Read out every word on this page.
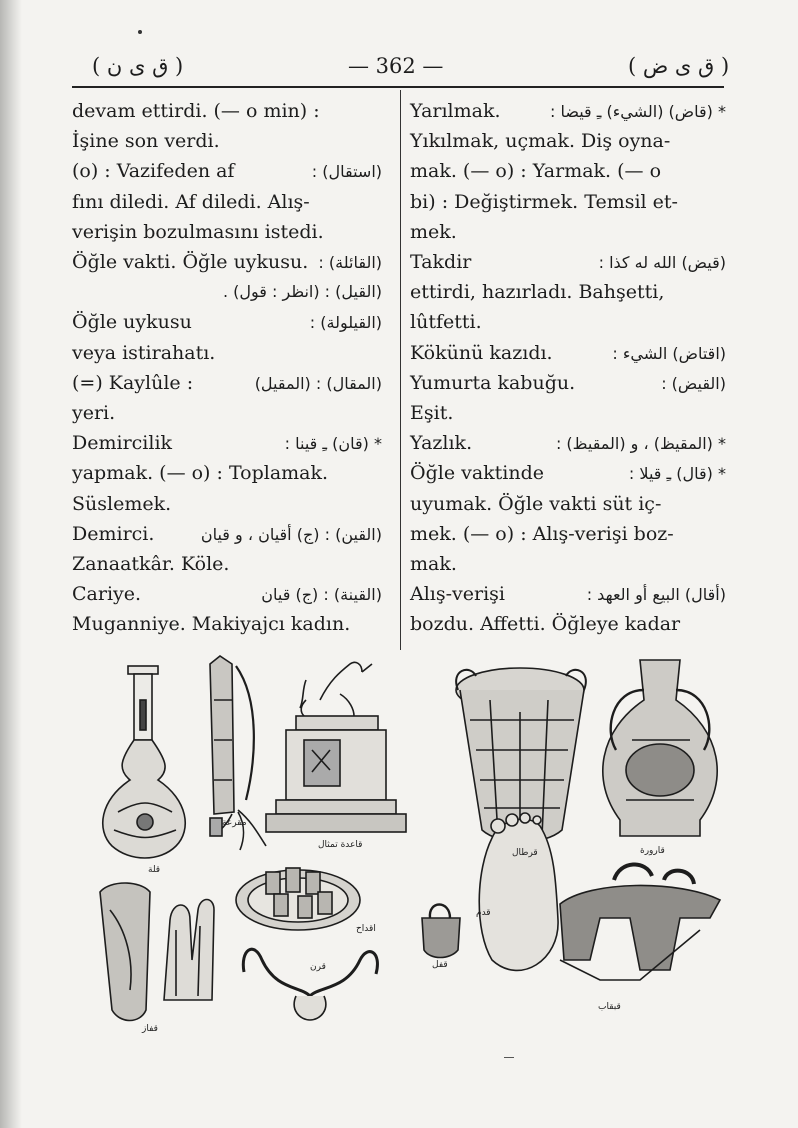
( ق ى ن )	— 362 —	( ق ى ض )
devam ettirdi. (— o min) :
İşine son verdi.
(o) : Vazifeden af	(استقال) :
fını diledi. Af diledi. Alış-
verişin bozulmasını istedi.
Öğle vakti. Öğle uykusu. (القائلة) :
(القيل) : (انظر : قول) .
Öğle uykusu	(القيلولة) :
veya istirahatı.
(=) Kaylûle :	(المقال) : (المقيل)
yeri.
Demircilik	* (قان) ـِ قينا :
yapmak. (— o) : Toplamak.
Süslemek.
Demirci.	(القين) : (ج) أقيان ، و قيان
Zanaatkâr. Köle.
Cariye.	(القينة) : (ج) قيان
Muganniye. Makiyajcı kadın.
Yarılmak.	* (قاض) (الشيء) ـِ قيضا :
Yıkılmak, uçmak. Diş oyna-
mak. (— o) : Yarmak. (— o
bi) : Değiştirmek. Temsil et-
mek.
Takdir	(قيض) الله له كذا :
ettirdi, hazırladı. Bahşetti,
lûtfetti.
Kökünü kazıdı.	(اقتاض) الشيء :
Yumurta kabuğu.	(القيض) :
Eşit.
Yazlık.	* (المقيظ) ، و (المقيظ) :
Öğle vaktinde	* (قال) ـِ قيلا :
uyumak. Öğle vakti süt iç-
mek. (— o) : Alış-verişi boz-
mak.
Alış-verişi	(أقال) البيع أو العهد :
bozdu. Affetti. Öğleye kadar
قلة
مقرعة
قاعدة تمثال
قرطال	قارورة
قفاز
اقداح
قرن	قفل
قدم
قبقاب
